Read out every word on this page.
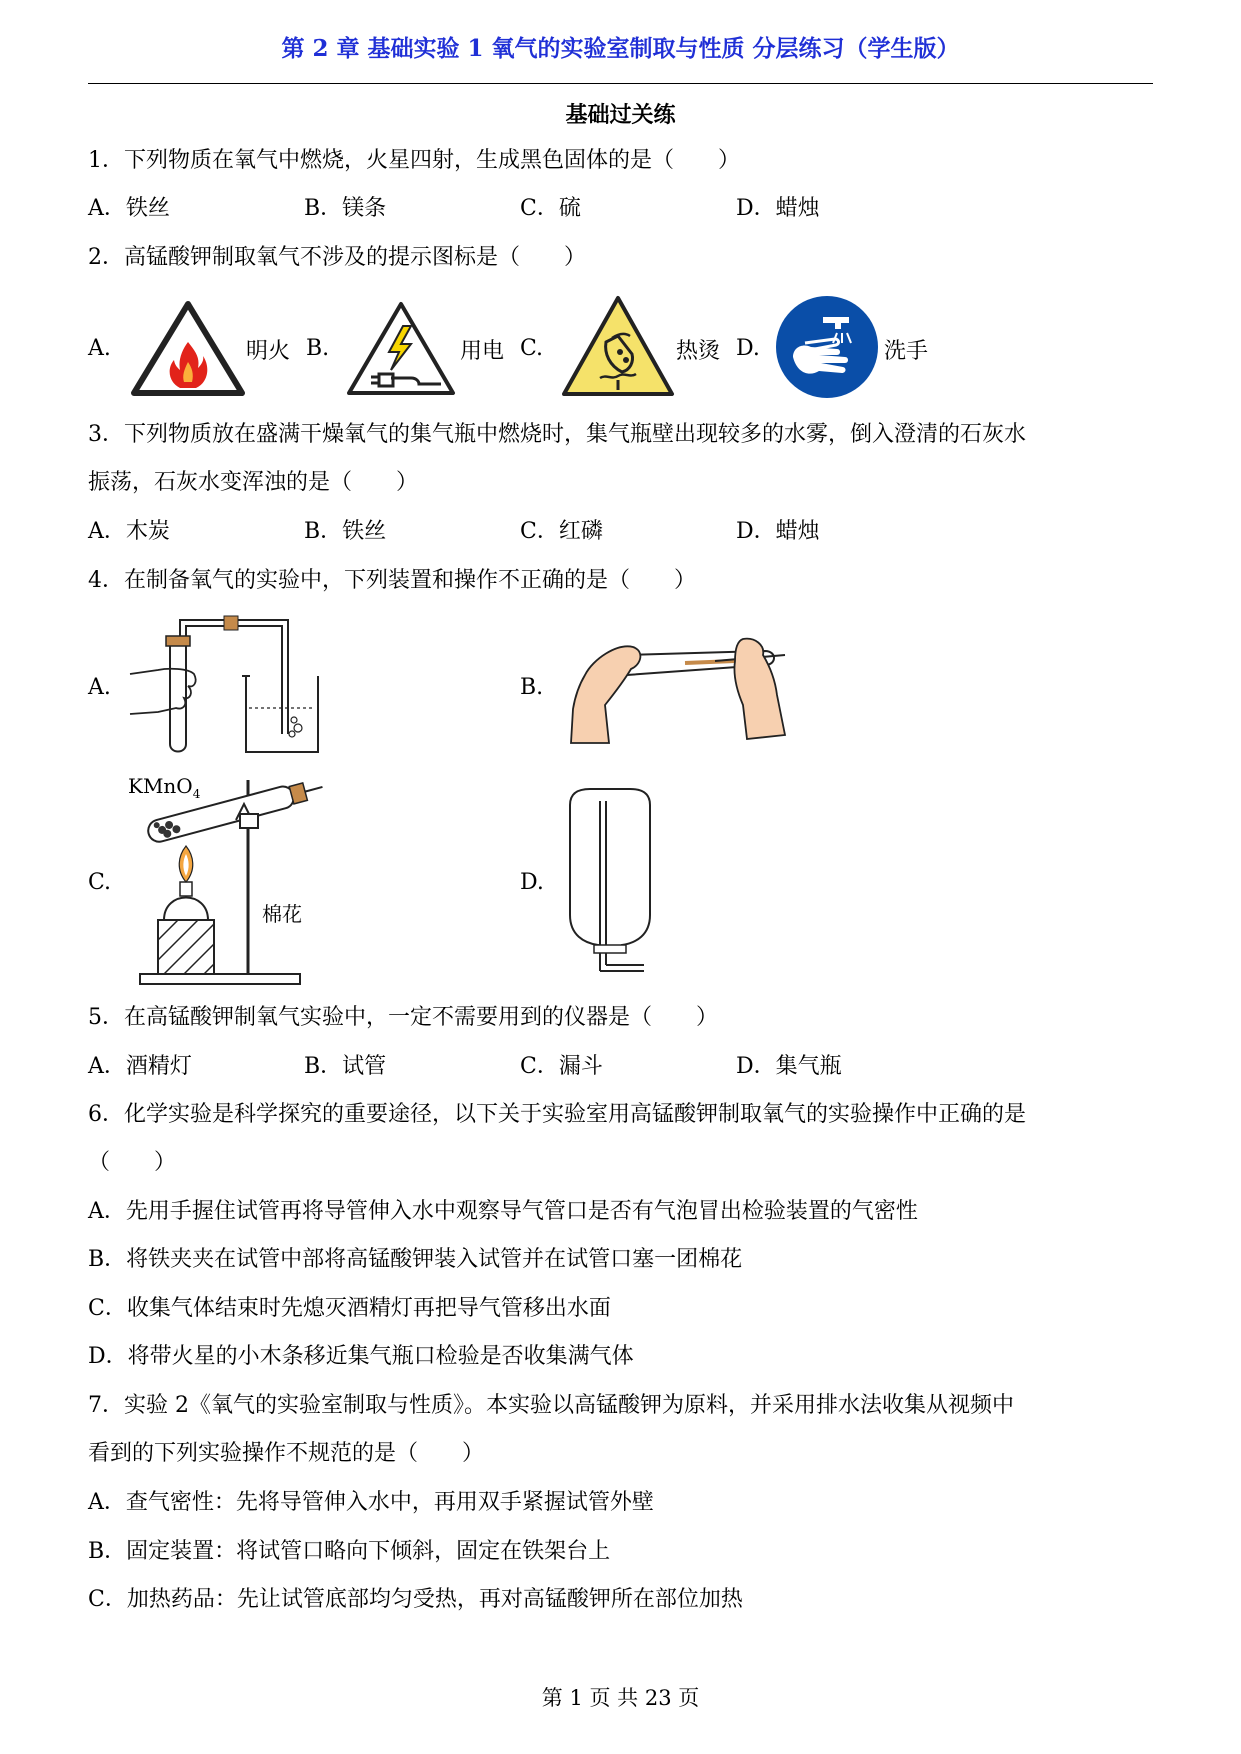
第 2 章 基础实验 1 氧气的实验室制取与性质 分层练习（学生版）
基础过关练
1．下列物质在氧气中燃烧，火星四射，生成黑色固体的是（　　）
A．铁丝	B．镁条	C．硫	D．蜡烛
2．高锰酸钾制取氧气不涉及的提示图标是（　　）
A.	明火 B.	用电 C.	热烫 D.	洗手
3．下列物质放在盛满干燥氧气的集气瓶中燃烧时，集气瓶壁出现较多的水雾，倒入澄清的石灰水
振荡，石灰水变浑浊的是（　　）
A．木炭	B．铁丝	C．红磷	D．蜡烛
4．在制备氧气的实验中，下列装置和操作不正确的是（　　）
A.	B.
C.
KMnO$_4$
棉花
D.
5．在高锰酸钾制氧气实验中，一定不需要用到的仪器是（　　）
A．酒精灯	B．试管	C．漏斗	D．集气瓶
6．化学实验是科学探究的重要途径，以下关于实验室用高锰酸钾制取氧气的实验操作中正确的是
（　　）
A．先用手握住试管再将导管伸入水中观察导气管口是否有气泡冒出检验装置的气密性
B．将铁夹夹在试管中部将高锰酸钾装入试管并在试管口塞一团棉花
C．收集气体结束时先熄灭酒精灯再把导气管移出水面
D．将带火星的小木条移近集气瓶口检验是否收集满气体
7．实验 2《氧气的实验室制取与性质》。本实验以高锰酸钾为原料，并采用排水法收集从视频中
看到的下列实验操作不规范的是（　　）
A．查气密性：先将导管伸入水中，再用双手紧握试管外壁
B．固定装置：将试管口略向下倾斜，固定在铁架台上
C．加热药品：先让试管底部均匀受热，再对高锰酸钾所在部位加热
第 1 页 共 23 页
